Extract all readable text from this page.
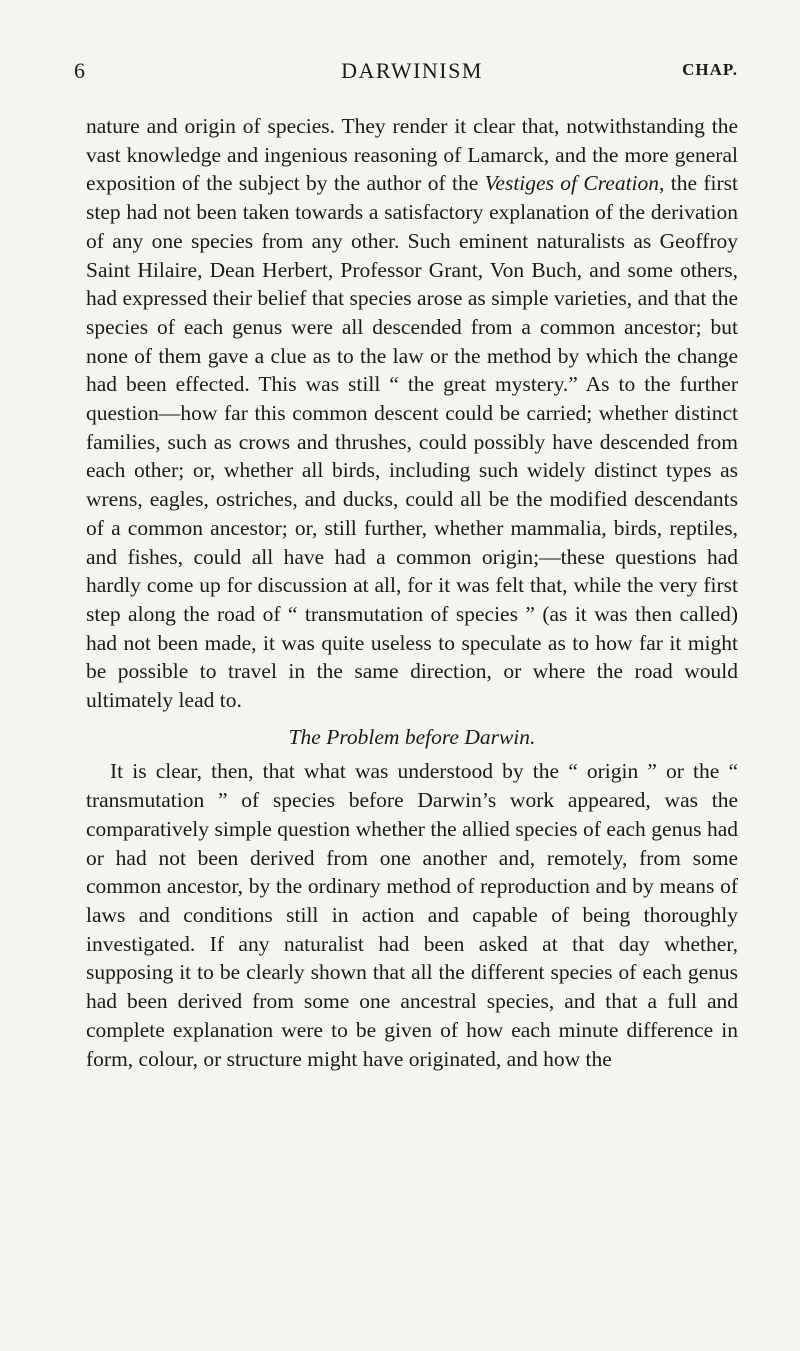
6	DARWINISM	CHAP.

nature and origin of species. They render it clear that, notwithstanding the vast knowledge and ingenious reasoning of Lamarck, and the more general exposition of the subject by the author of the Vestiges of Creation, the first step had not been taken towards a satisfactory explanation of the derivation of any one species from any other. Such eminent naturalists as Geoffroy Saint Hilaire, Dean Herbert, Professor Grant, Von Buch, and some others, had expressed their belief that species arose as simple varieties, and that the species of each genus were all descended from a common ancestor; but none of them gave a clue as to the law or the method by which the change had been effected. This was still “ the great mystery.” As to the further question—how far this common descent could be carried; whether distinct families, such as crows and thrushes, could possibly have descended from each other; or, whether all birds, including such widely distinct types as wrens, eagles, ostriches, and ducks, could all be the modified descendants of a common ancestor; or, still further, whether mammalia, birds, reptiles, and fishes, could all have had a common origin;—these questions had hardly come up for discussion at all, for it was felt that, while the very first step along the road of “ transmutation of species ” (as it was then called) had not been made, it was quite useless to speculate as to how far it might be possible to travel in the same direction, or where the road would ultimately lead to.

The Problem before Darwin.

It is clear, then, that what was understood by the “ origin ” or the “ transmutation ” of species before Darwin’s work appeared, was the comparatively simple question whether the allied species of each genus had or had not been derived from one another and, remotely, from some common ancestor, by the ordinary method of reproduction and by means of laws and conditions still in action and capable of being thoroughly investigated. If any naturalist had been asked at that day whether, supposing it to be clearly shown that all the different species of each genus had been derived from some one ancestral species, and that a full and complete explanation were to be given of how each minute difference in form, colour, or structure might have originated, and how the
